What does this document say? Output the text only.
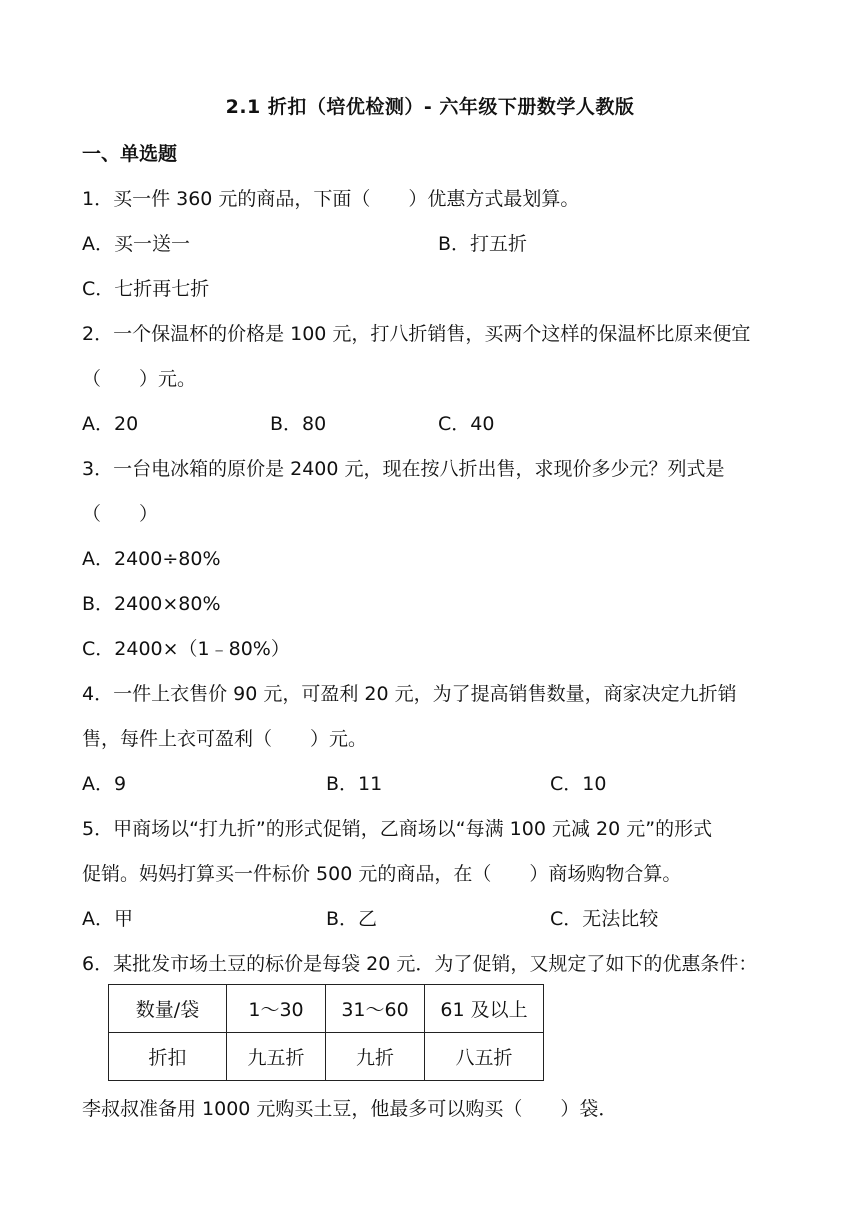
2.1 折扣（培优检测）- 六年级下册数学人教版
一、单选题
1．买一件 360 元的商品，下面（　　）优惠方式最划算。
A．买一送一	B．打五折
C．七折再七折
2．一个保温杯的价格是 100 元，打八折销售，买两个这样的保温杯比原来便宜
（　　）元。
A．20	B．80	C．40
3．一台电冰箱的原价是 2400 元，现在按八折出售，求现价多少元？列式是
（　　）
A．2400÷80%
B．2400×80%
C．2400×（1﹣80%）
4．一件上衣售价 90 元，可盈利 20 元，为了提高销售数量，商家决定九折销
售，每件上衣可盈利（　　）元。
A．9	B．11	C．10
5．甲商场以“打九折”的形式促销，乙商场以“每满 100 元减 20 元”的形式
促销。妈妈打算买一件标价 500 元的商品，在（　　）商场购物合算。
A．甲	B．乙	C．无法比较
6．某批发市场土豆的标价是每袋 20 元．为了促销，又规定了如下的优惠条件：
数量/袋	1～30	31～60	61 及以上
折扣	九五折	九折	八五折
李叔叔准备用 1000 元购买土豆，他最多可以购买（　　）袋．
